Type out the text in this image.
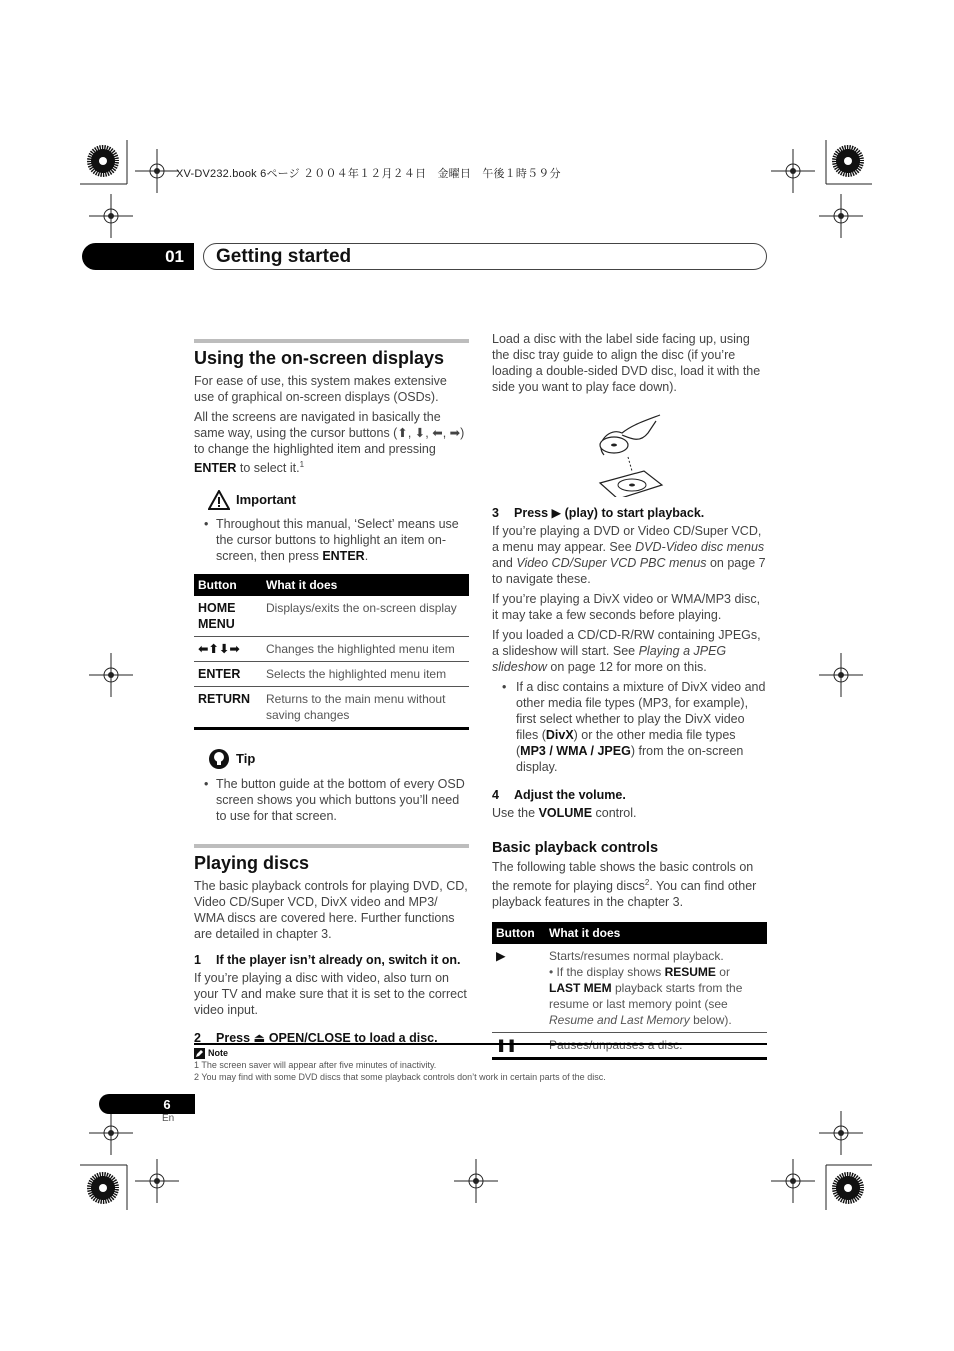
XV-DV232.book 6ページ ２００４年１２月２４日　金曜日　午後１時５９分
01	Getting started
Using the on-screen displays

For ease of use, this system makes extensive use of graphical on-screen displays (OSDs).

All the screens are navigated in basically the same way, using the cursor buttons (⬆, ⬇, ⬅, ➡) to change the highlighted item and pressing ENTER to select it.$^1$

Important
• Throughout this manual, ‘Select’ means use the cursor buttons to highlight an item on-screen, then press ENTER.
Button	What it does
HOME MENU	Displays/exits the on-screen display
⬅⬆⬇➡	Changes the highlighted menu item
ENTER	Selects the highlighted menu item
RETURN	Returns to the main menu without saving changes
Tip
• The button guide at the bottom of every OSD screen shows you which buttons you’ll need to use for that screen.
Playing discs

The basic playback controls for playing DVD, CD, Video CD/Super VCD, DivX video and MP3/ WMA discs are covered here. Further functions are detailed in chapter 3.

1 If the player isn’t already on, switch it on.

If you’re playing a disc with video, also turn on your TV and make sure that it is set to the correct video input.

2 Press ⏏ OPEN/CLOSE to load a disc.

Load a disc with the label side facing up, using the disc tray guide to align the disc (if you’re loading a double-sided DVD disc, load it with the side you want to play face down).

3 Press ▶ (play) to start playback.

If you’re playing a DVD or Video CD/Super VCD, a menu may appear. See DVD-Video disc menus and Video CD/Super VCD PBC menus on page 7 to navigate these.

If you’re playing a DivX video or WMA/MP3 disc, it may take a few seconds before playing.

If you loaded a CD/CD-R/RW containing JPEGs, a slideshow will start. See Playing a JPEG slideshow on page 12 for more on this.

• If a disc contains a mixture of DivX video and other media file types (MP3, for example), first select whether to play the DivX video files (DivX) or the other media file types (MP3 / WMA / JPEG) from the on-screen display.
4 Adjust the volume.

Use the VOLUME control.

Basic playback controls

The following table shows the basic controls on the remote for playing discs$^2$. You can find other playback features in the chapter 3.

Button	What it does
▶	Starts/resumes normal playback.
• If the display shows RESUME or LAST MEM playback starts from the resume or last memory point (see Resume and Last Memory below).

❚❚	Pauses/unpauses a disc.
Note
1 The screen saver will appear after five minutes of inactivity.
2 You may find with some DVD discs that some playback controls don’t work in certain parts of the disc.
6
En
